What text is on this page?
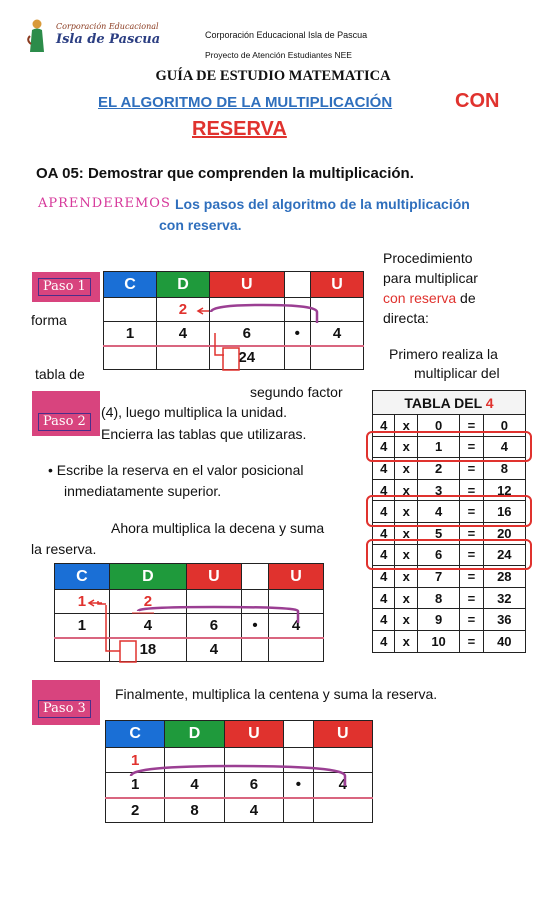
Corporación Educacional
Isla de Pascua	Corporación Educacional Isla de Pascua
Proyecto de Atención Estudiantes NEE
GUÍA DE ESTUDIO MATEMATICA
EL ALGORITMO DE LA MULTIPLICACIÓN	CON
RESERVA
OA 05: Demostrar que comprenden la multiplicación.
APRENDEREMOS Los pasos del algoritmo de la multiplicación
con reserva.
Procedimiento
para multiplicar
con reserva de
directa:
Primero realiza la
multiplicar del
forma
tabla de
Paso 1	C	D	U		U
	2			
1	4	6	•	4
		24		
segundo factor
Paso 2
(4), luego multiplica la unidad.
Encierra las tablas que utilizaras.
• Escribe la reserva en el valor posicional
inmediatamente superior.
Ahora multiplica la decena y suma
la reserva.
C	D	U		U
1	2			
1	4	6	•	4
	18	4		
TABLA DEL 4				
4	x	0	=	0
4	x	1	=	4
4	x	2	=	8
4	x	3	=	12
4	x	4	=	16
4	x	5	=	20
4	x	6	=	24
4	x	7	=	28
4	x	8	=	32
4	x	9	=	36
4	x	10	=	40
Paso 3
Finalmente, multiplica la centena y suma la reserva.
C	D	U		U
1				
1	4	6	•	4
2	8	4		
